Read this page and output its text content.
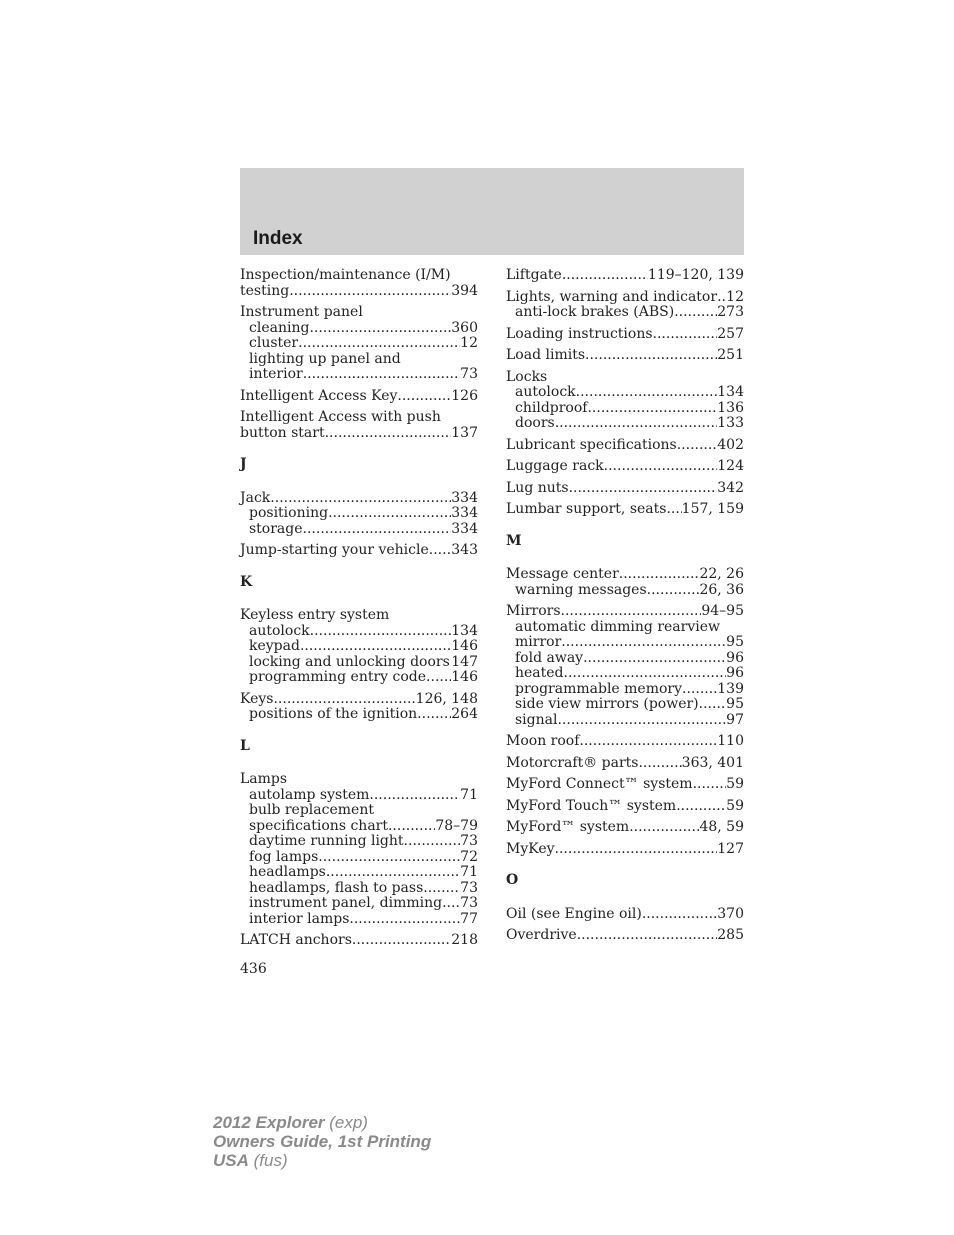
Index
Inspection/maintenance (I/M)
testing .....	394
Instrument panel
cleaning .....	360
cluster .....	12
lighting up panel and
interior .....	73
Intelligent Access Key .....	126
Intelligent Access with push
button start .....	137
J
Jack .....	334
positioning .....	334
storage .....	334
Jump-starting your vehicle ..... 343
K
Keyless entry system
autolock .....	134
keypad .....	146
locking and unlocking doors ..... 147
programming entry code ..... 146
Keys .....	126, 148
positions of the ignition ..... 264
L
Lamps
autolamp system .....	71
bulb replacement
specifications chart .....	78–79
daytime running light .....	73
fog lamps .....	72
headlamps .....	71
headlamps, flash to pass .....	73
instrument panel, dimming ..... 73
interior lamps .....	77
LATCH anchors .....	218
Liftgate .....	119–120, 139
Lights, warning and indicator ..... 12
anti-lock brakes (ABS) .....	273
Loading instructions .....	257
Load limits .....	251
Locks
autolock .....	134
childproof .....	136
doors .....	133
Lubricant specifications .....	402
Luggage rack .....	124
Lug nuts .....	342
Lumbar support, seats ..... 157, 159
M
Message center .....	22, 26
warning messages .....	26, 36
Mirrors .....	94–95
automatic dimming rearview
mirror .....	95
fold away .....	96
heated .....	96
programmable memory .....	139
side view mirrors (power) ..... 95
signal .....	97
Moon roof .....	110
Motorcraft® parts .....	363, 401
MyFord Connect™ system ..... 59
MyFord Touch™ system .....	59
MyFord™ system .....	48, 59
MyKey .....	127
O
Oil (see Engine oil) .....	370
Overdrive .....	285
436
2012 Explorer (exp)
Owners Guide, 1st Printing
USA (fus)
